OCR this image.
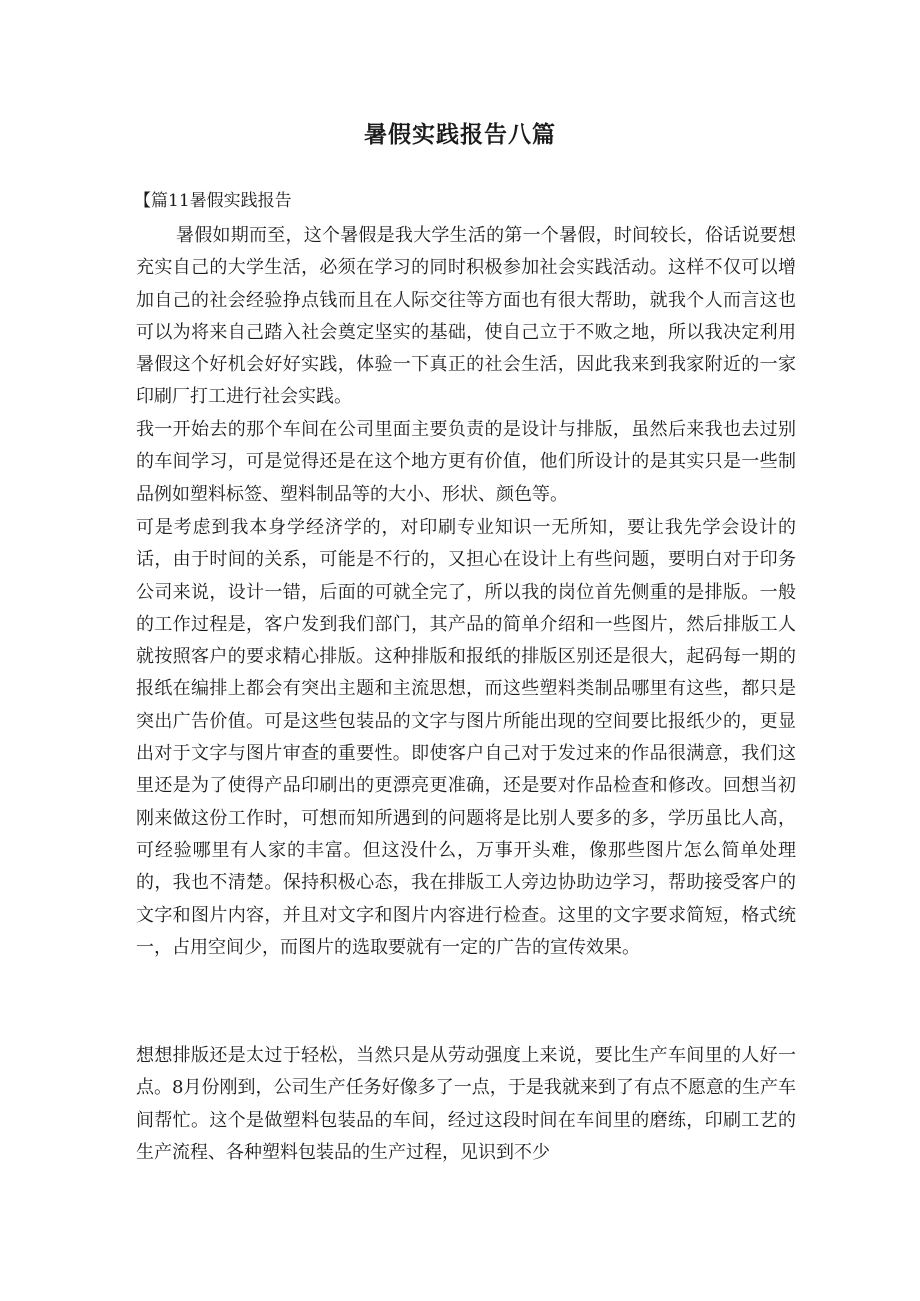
暑假实践报告八篇
【篇11暑假实践报告

暑假如期而至，这个暑假是我大学生活的第一个暑假，时间较长，俗话说要想充实自己的大学生活，必须在学习的同时积极参加社会实践活动。这样不仅可以增加自己的社会经验挣点钱而且在人际交往等方面也有很大帮助，就我个人而言这也可以为将来自己踏入社会奠定坚实的基础，使自己立于不败之地，所以我决定利用暑假这个好机会好好实践，体验一下真正的社会生活，因此我来到我家附近的一家印刷厂打工进行社会实践。

我一开始去的那个车间在公司里面主要负责的是设计与排版，虽然后来我也去过别的车间学习，可是觉得还是在这个地方更有价值，他们所设计的是其实只是一些制品例如塑料标签、塑料制品等的大小、形状、颜色等。

可是考虑到我本身学经济学的，对印刷专业知识一无所知，要让我先学会设计的话，由于时间的关系，可能是不行的，又担心在设计上有些问题，要明白对于印务公司来说，设计一错，后面的可就全完了，所以我的岗位首先侧重的是排版。一般的工作过程是，客户发到我们部门，其产品的简单介绍和一些图片，然后排版工人就按照客户的要求精心排版。这种排版和报纸的排版区别还是很大，起码每一期的报纸在编排上都会有突出主题和主流思想，而这些塑料类制品哪里有这些，都只是突出广告价值。可是这些包装品的文字与图片所能出现的空间要比报纸少的，更显出对于文字与图片审查的重要性。即使客户自己对于发过来的作品很满意，我们这里还是为了使得产品印刷出的更漂亮更准确，还是要对作品检查和修改。回想当初刚来做这份工作时，可想而知所遇到的问题将是比别人要多的多，学历虽比人高，可经验哪里有人家的丰富。但这没什么，万事开头难，像那些图片怎么简单处理的，我也不清楚。保持积极心态，我在排版工人旁边协助边学习，帮助接受客户的文字和图片内容，并且对文字和图片内容进行检查。这里的文字要求简短，格式统一，占用空间少，而图片的选取要就有一定的广告的宣传效果。

想想排版还是太过于轻松，当然只是从劳动强度上来说，要比生产车间里的人好一点。8月份刚到，公司生产任务好像多了一点，于是我就来到了有点不愿意的生产车间帮忙。这个是做塑料包装品的车间，经过这段时间在车间里的磨练，印刷工艺的生产流程、各种塑料包装品的生产过程，见识到不少
